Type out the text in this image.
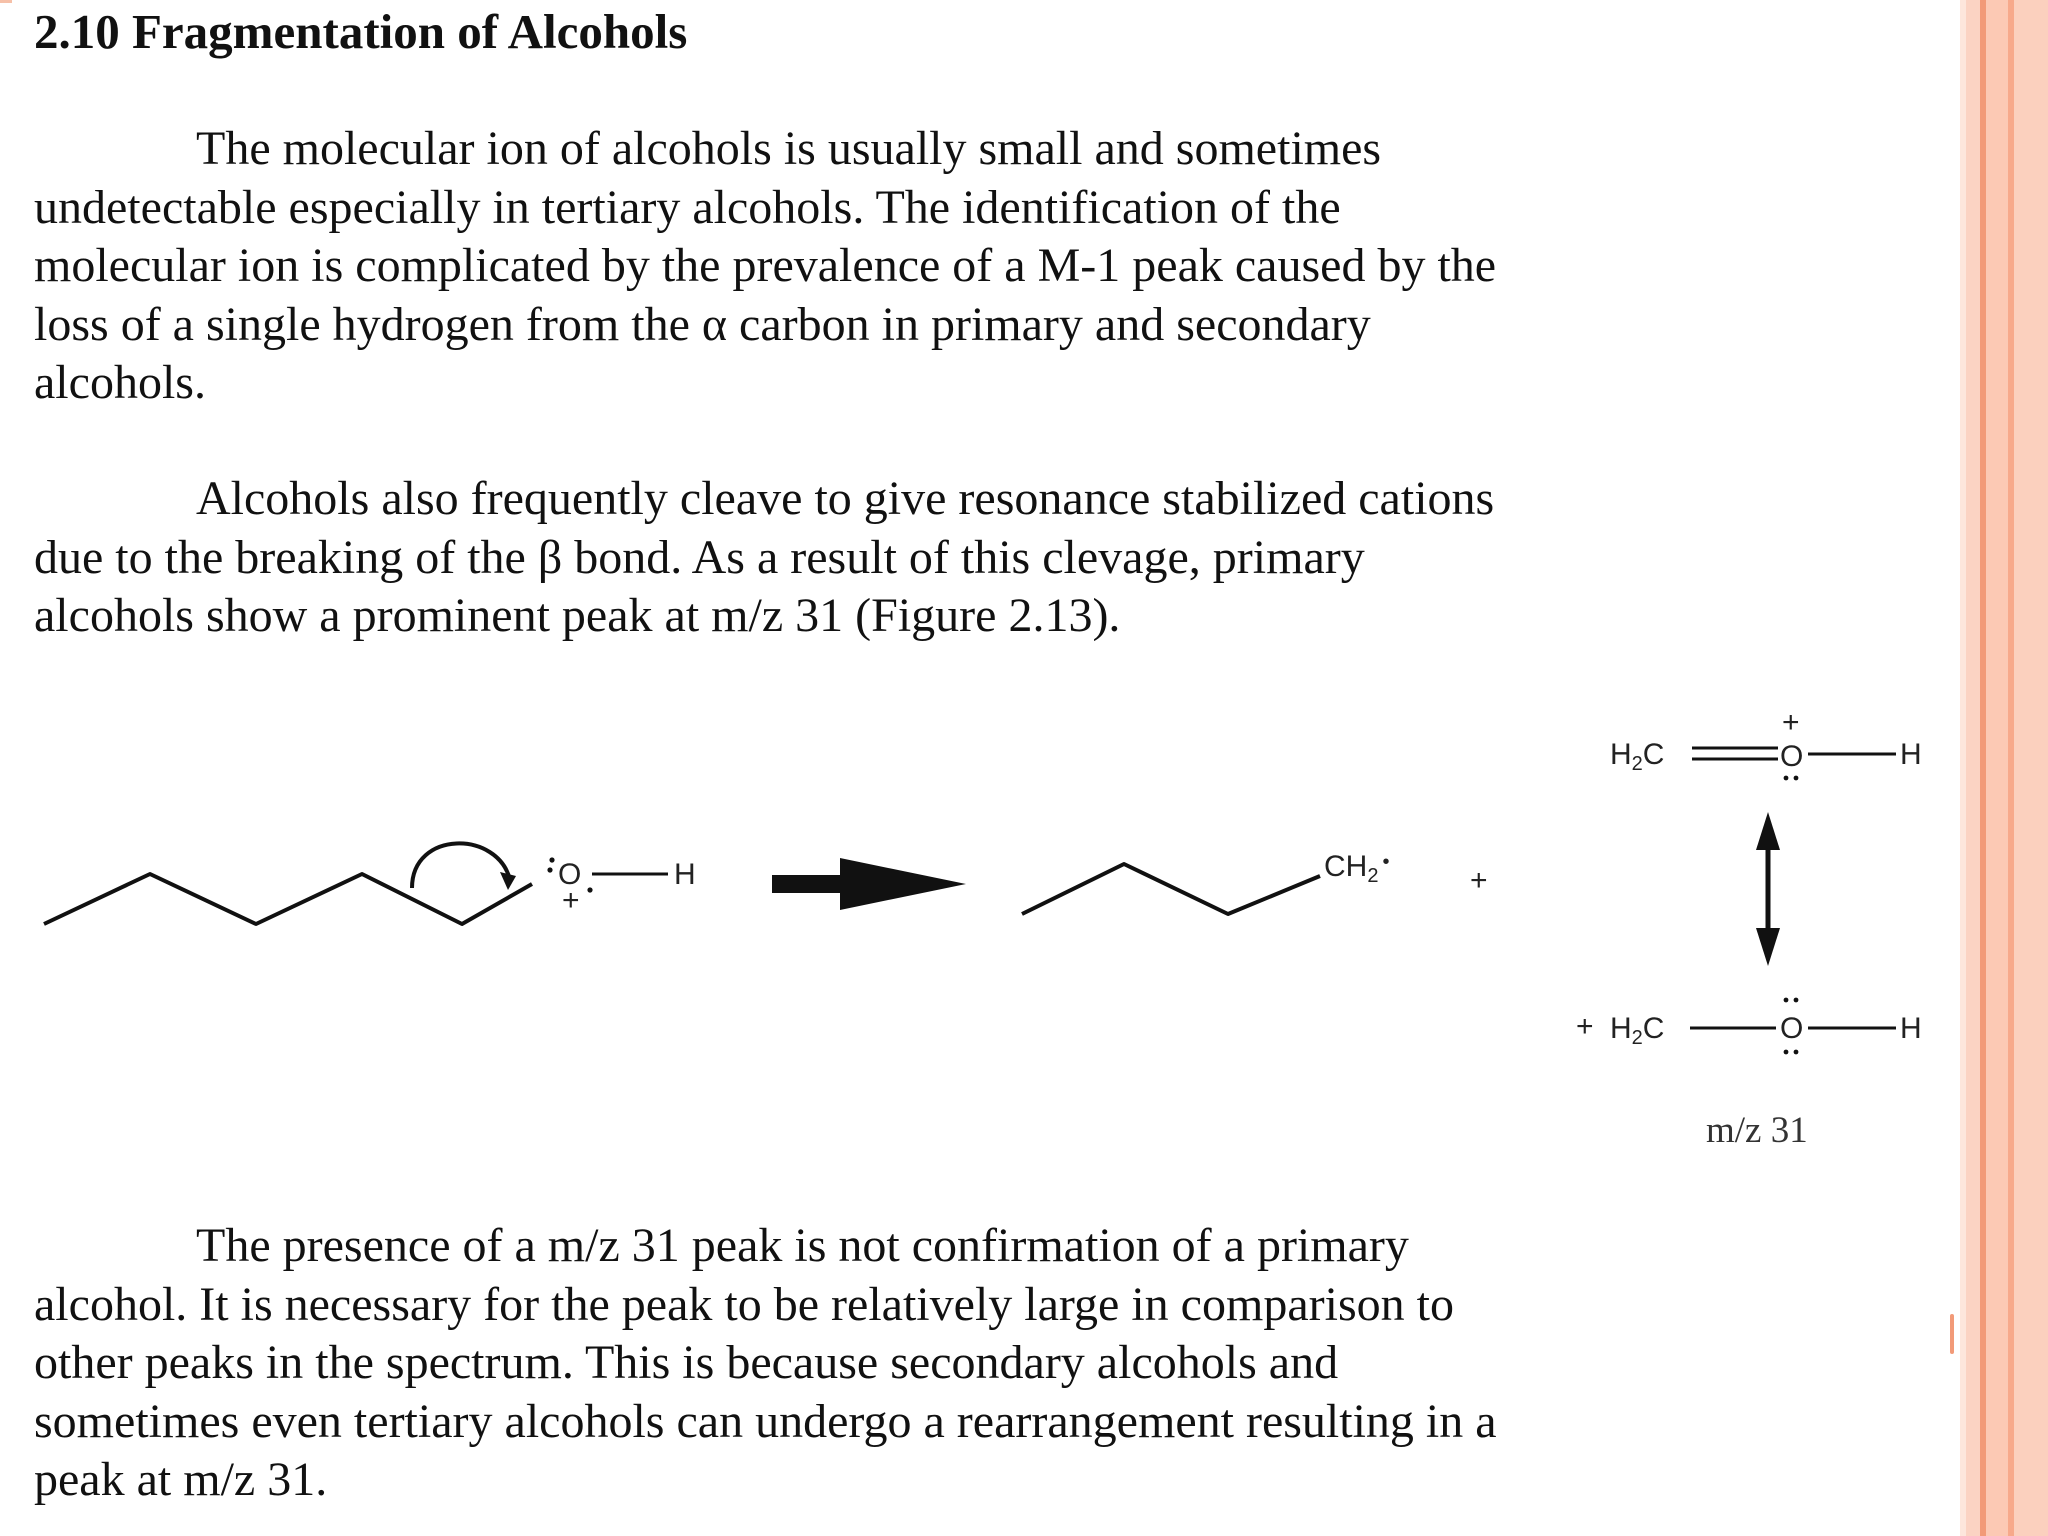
2.10 Fragmentation of Alcohols

The molecular ion of alcohols is usually small and sometimes
undetectable especially in tertiary alcohols. The identification of the
molecular ion is complicated by the prevalence of a M-1 peak caused by the
loss of a single hydrogen from the α carbon in primary and secondary
alcohols.

Alcohols also frequently cleave to give resonance stabilized cations
due to the breaking of the β bond. As a result of this clevage, primary
alcohols show a prominent peak at m/z 31 (Figure 2.13).

O
+
H	$CH_2^•$
+
$H_2C$
+
O	H
+ $H_2C$	O	H
m/z 31

The presence of a m/z 31 peak is not confirmation of a primary
alcohol. It is necessary for the peak to be relatively large in comparison to
other peaks in the spectrum. This is because secondary alcohols and
sometimes even tertiary alcohols can undergo a rearrangement resulting in a
peak at m/z 31.
